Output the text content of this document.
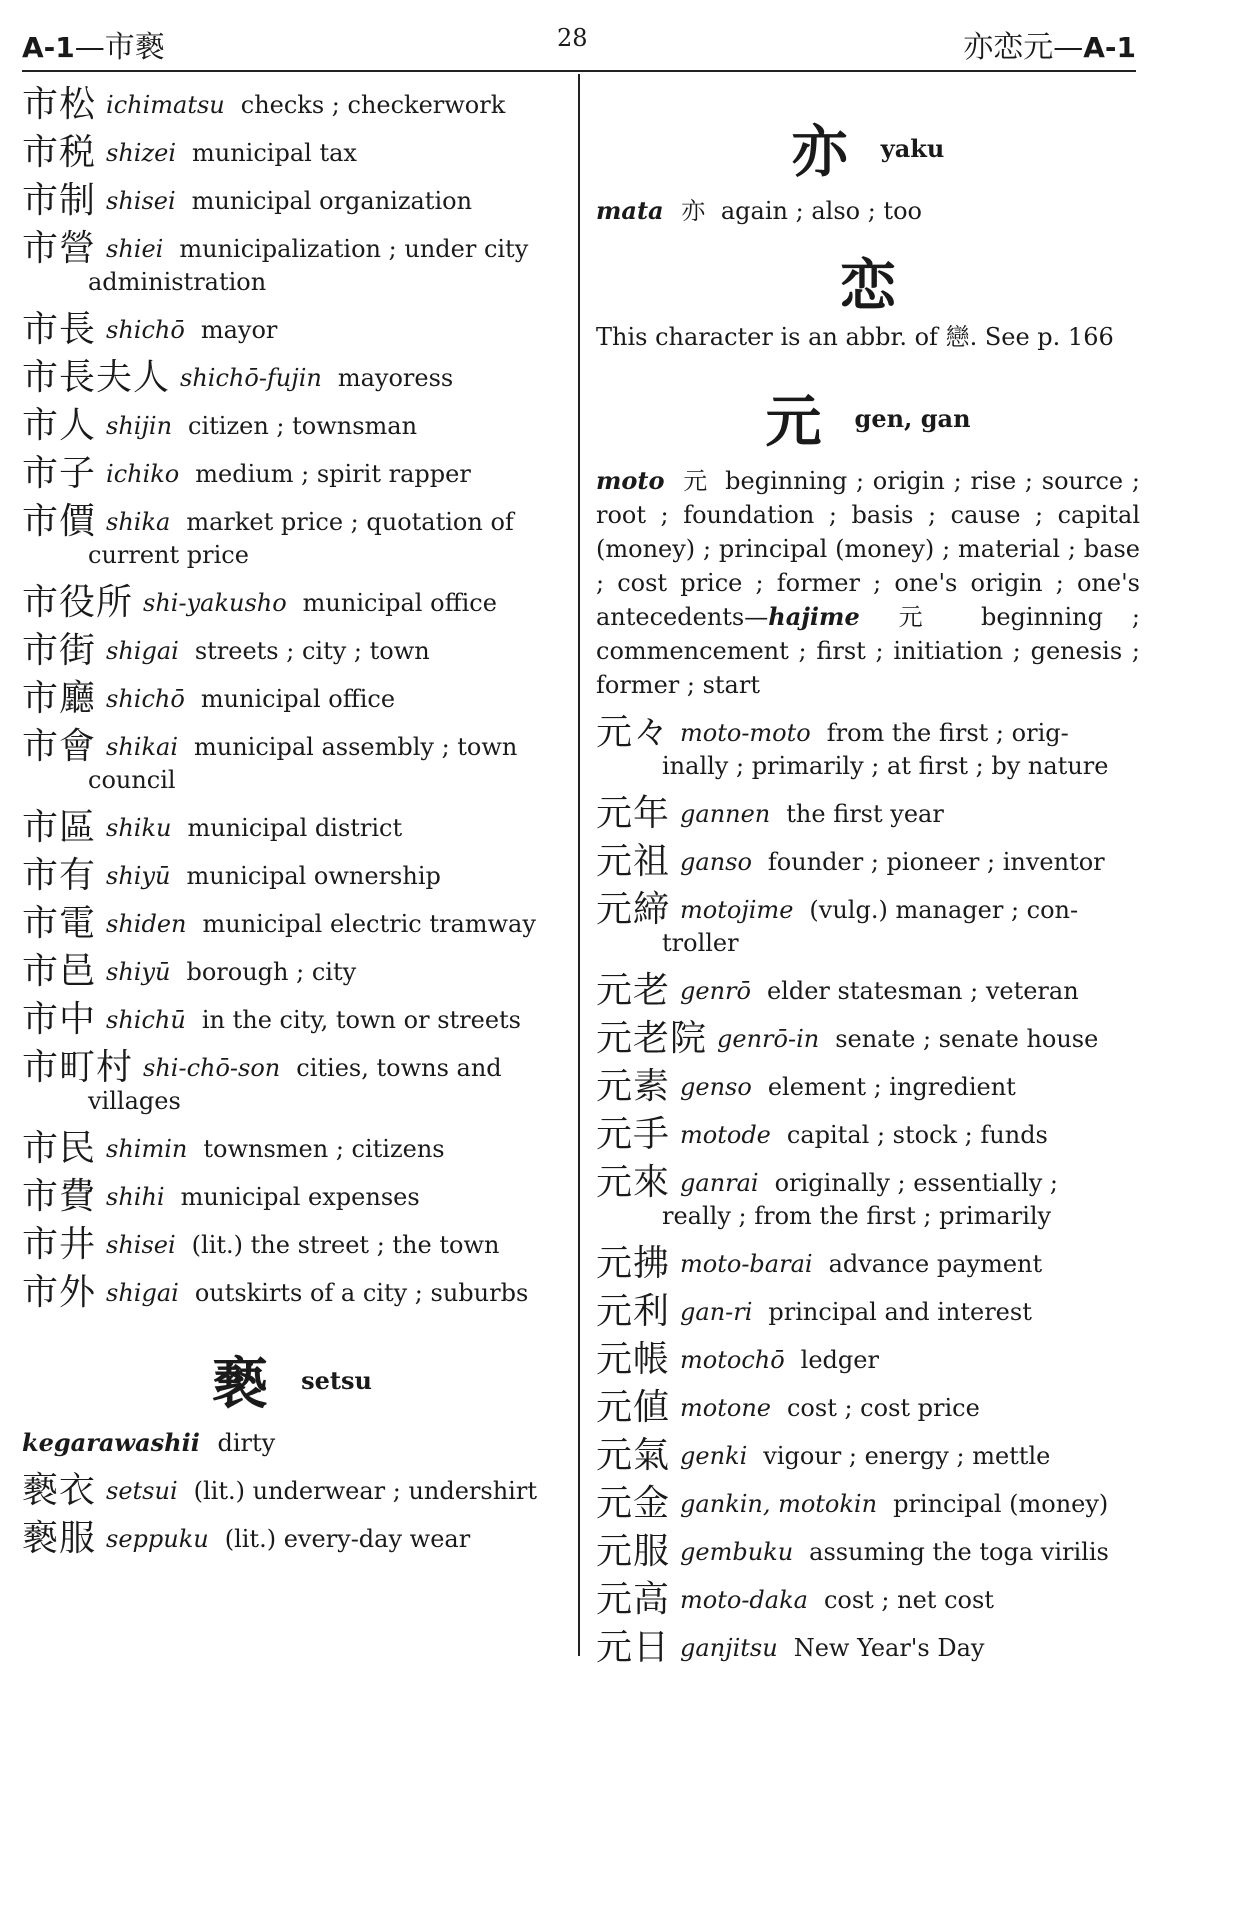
A-1—市褻	28	亦恋元—A-1
市松 ichimatsu checks ; checkerwork
市税 shizei municipal tax
市制 shisei municipal organization
市營 shiei municipalization ; under city
administration
市長 shichō mayor
市長夫人 shichō-fujin mayoress
市人 shijin citizen ; townsman
市子 ichiko medium ; spirit rapper
市價 shika market price ; quotation of
current price
市役所 shi-yakusho municipal office
市街 shigai streets ; city ; town
市廳 shichō municipal office
市會 shikai municipal assembly ; town
council
市區 shiku municipal district
市有 shiyū municipal ownership
市電 shiden municipal electric tramway
市邑 shiyū borough ; city
市中 shichū in the city, town or streets
市町村 shi-chō-son cities, towns and
villages
市民 shimin townsmen ; citizens
市費 shihi municipal expenses
市井 shisei (lit.) the street ; the town
市外 shigai outskirts of a city ; suburbs
褻 setsu
kegarawashii dirty
褻衣 setsui (lit.) underwear ; undershirt
褻服 seppuku (lit.) every-day wear
亦 yaku
mata 亦 again ; also ; too
恋
This character is an abbr. of 戀. See p. 166
元 gen, gan
moto 元 beginning ; origin ; rise ; source ; root ; foundation ; basis ; cause ; capital (money) ; principal (money) ; material ; base ; cost price ; former ; one's origin ; one's antecedents—hajime 元 beginning ; commencement ; first ; initiation ; genesis ; former ; start
元々 moto-moto from the first ; orig-
inally ; primarily ; at first ; by nature
元年 gannen the first year
元祖 ganso founder ; pioneer ; inventor
元締 motojime (vulg.) manager ; con-
troller
元老 genrō elder statesman ; veteran
元老院 genrō-in senate ; senate house
元素 genso element ; ingredient
元手 motode capital ; stock ; funds
元來 ganrai originally ; essentially ;
really ; from the first ; primarily
元拂 moto-barai advance payment
元利 gan-ri principal and interest
元帳 motochō ledger
元値 motone cost ; cost price
元氣 genki vigour ; energy ; mettle
元金 gankin, motokin principal (money)
元服 gembuku assuming the toga virilis
元高 moto-daka cost ; net cost
元日 ganjitsu New Year's Day
